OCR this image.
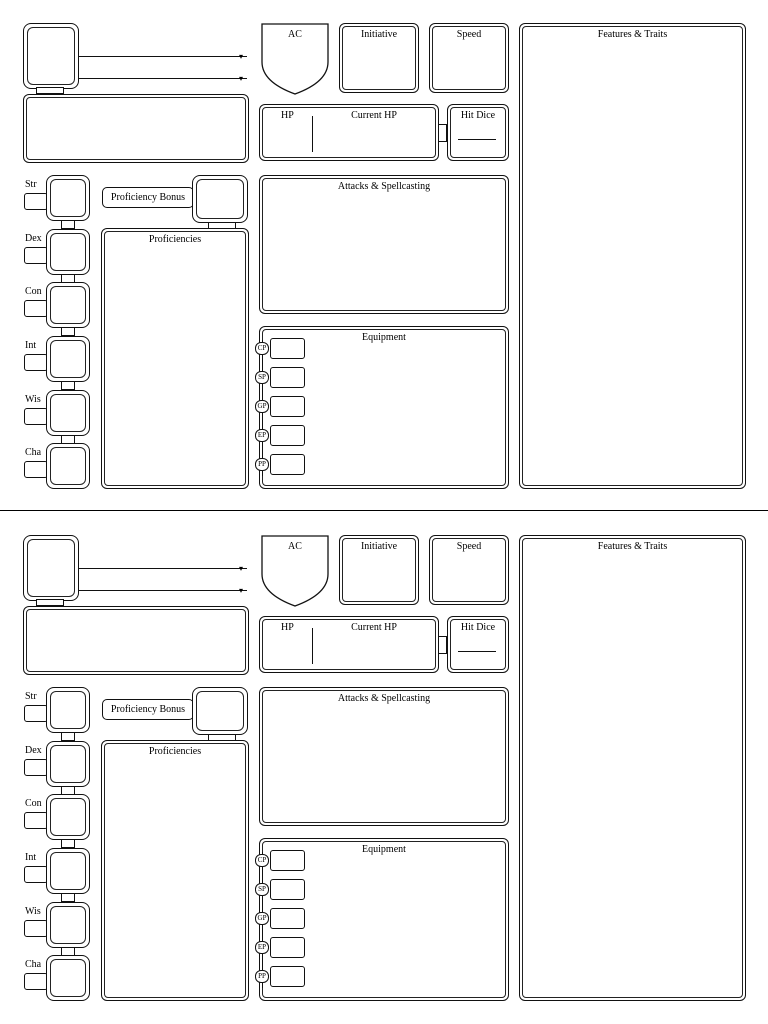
▾
▾
AC	Initiative	Speed	Features & Traits
HP	Current HP	Hit Dice
Attacks & Spellcasting
Equipment
CP
SP
GP
EP
PP
Proficiency Bonus
Proficiencies
Str
Dex
Con
Int
Wis
Cha
▾
▾
AC	Initiative	Speed	Features & Traits
HP	Current HP	Hit Dice
Attacks & Spellcasting
Equipment
CP
SP
GP
EP
PP
Proficiency Bonus
Proficiencies
Str
Dex
Con
Int
Wis
Cha
